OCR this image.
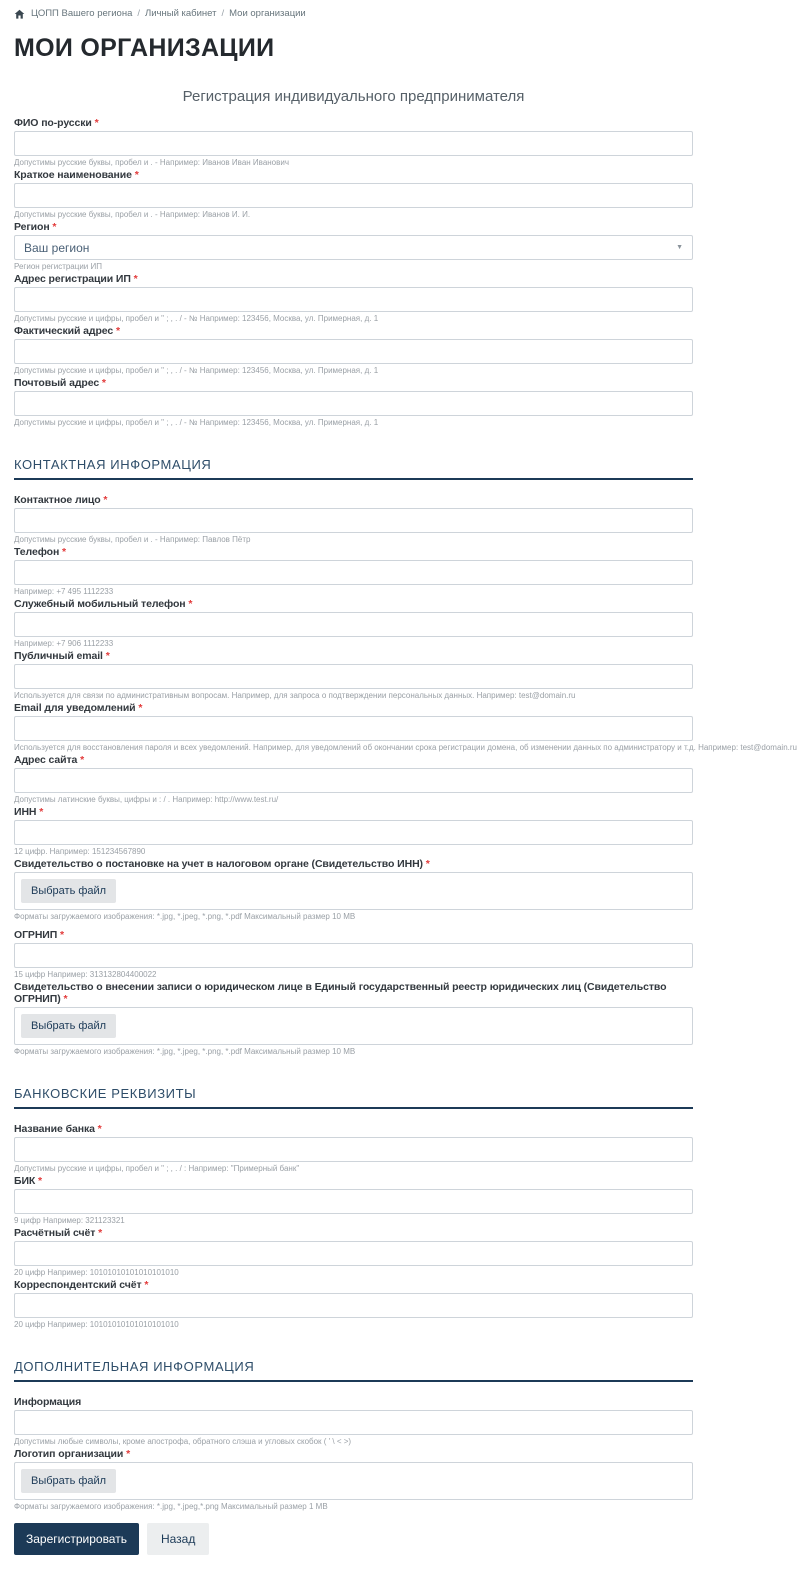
ЦОПП Вашего региона / Личный кабинет / Мои организации
МОИ ОРГАНИЗАЦИИ
Регистрация индивидуального предпринимателя
ФИО по-русски *
Допустимы русские буквы, пробел и . - Например: Иванов Иван Иванович
Краткое наименование *
Допустимы русские буквы, пробел и . - Например: Иванов И. И.
Регион *
Ваш регион	▼
Регион регистрации ИП
Адрес регистрации ИП *
Допустимы русские и цифры, пробел и " ; , . / - № Например: 123456, Москва, ул. Примерная, д. 1
Фактический адрес *
Допустимы русские и цифры, пробел и " ; , . / - № Например: 123456, Москва, ул. Примерная, д. 1
Почтовый адрес *
Допустимы русские и цифры, пробел и " ; , . / - № Например: 123456, Москва, ул. Примерная, д. 1
КОНТАКТНАЯ ИНФОРМАЦИЯ
Контактное лицо *
Допустимы русские буквы, пробел и . - Например: Павлов Пётр
Телефон *
Например: +7 495 1112233
Служебный мобильный телефон *
Например: +7 906 1112233
Публичный email *
Используется для связи по административным вопросам. Например, для запроса о подтверждении персональных данных. Например: test@domain.ru
Email для уведомлений *
Используется для восстановления пароля и всех уведомлений. Например, для уведомлений об окончании срока регистрации домена, об изменении данных по администратору и т.д. Например: test@domain.ru
Адрес сайта *
Допустимы латинские буквы, цифры и : / . Например: http://www.test.ru/
ИНН *
12 цифр. Например: 151234567890
Свидетельство о постановке на учет в налоговом органе (Свидетельство ИНН) *
Выбрать файл
Форматы загружаемого изображения: *.jpg, *.jpeg, *.png, *.pdf Максимальный размер 10 MB
ОГРНИП *
15 цифр Например: 313132804400022
Свидетельство о внесении записи о юридическом лице в Единый государственный реестр юридических лиц (Свидетельство ОГРНИП) *
Выбрать файл
Форматы загружаемого изображения: *.jpg, *.jpeg, *.png, *.pdf Максимальный размер 10 MB
БАНКОВСКИЕ РЕКВИЗИТЫ
Название банка *
Допустимы русские и цифры, пробел и " ; , . / : Например: "Примерный банк"
БИК *
9 цифр Например: 321123321
Расчётный счёт *
20 цифр Например: 10101010101010101010
Корреспондентский счёт *
20 цифр Например: 10101010101010101010
ДОПОЛНИТЕЛЬНАЯ ИНФОРМАЦИЯ
Информация
Допустимы любые символы, кроме апострофа, обратного слэша и угловых скобок ( ' \ < >)
Логотип организации *
Выбрать файл
Форматы загружаемого изображения: *.jpg, *.jpeg,*.png Максимальный размер 1 MB
Зарегистрировать	Назад
